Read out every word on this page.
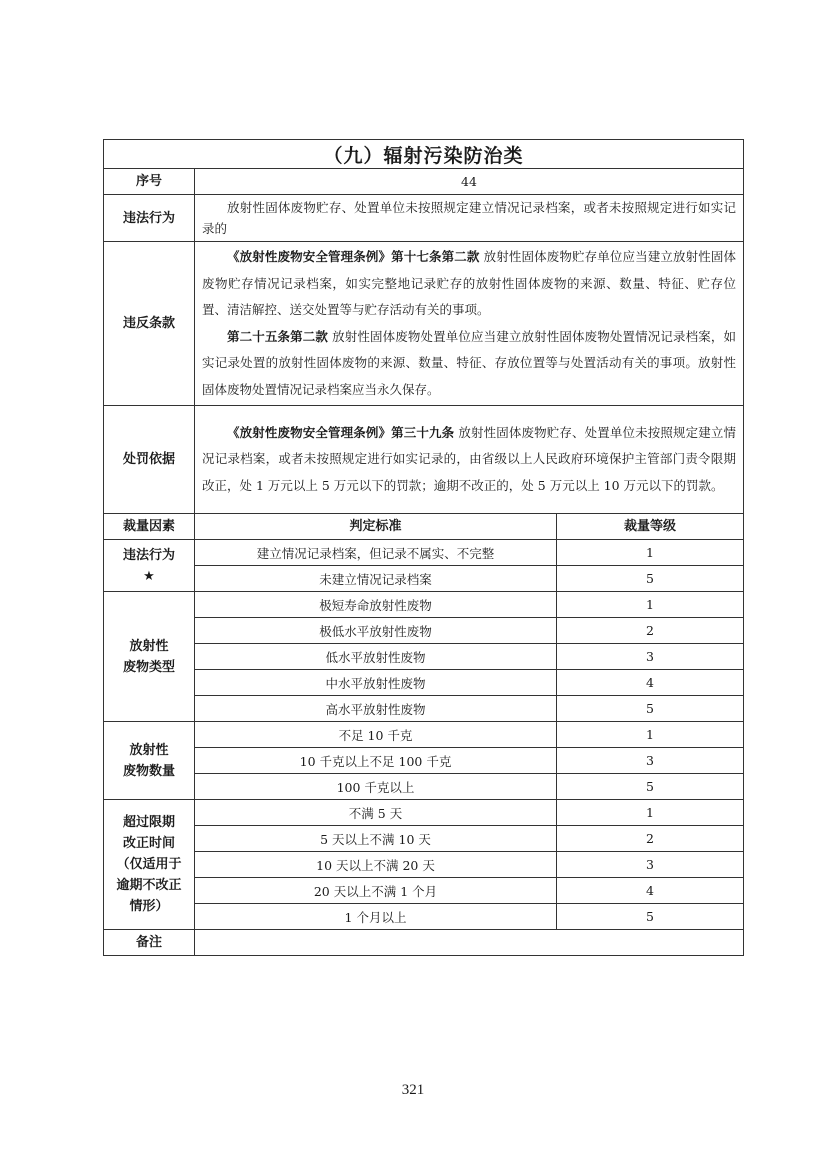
（九）辐射污染防治类		
序号	44	
违法行为	放射性固体废物贮存、处置单位未按照规定建立情况记录档案，或者未按照规定进行如实记录的	

违反条款	《放射性废物安全管理条例》第十七条第二款 放射性固体废物贮存单位应当建立放射性固体废物贮存情况记录档案，如实完整地记录贮存的放射性固体废物的来源、数量、特征、贮存位置、清洁解控、送交处置等与贮存活动有关的事项。

第二十五条第二款 放射性固体废物处置单位应当建立放射性固体废物处置情况记录档案，如实记录处置的放射性固体废物的来源、数量、特征、存放位置等与处置活动有关的事项。放射性固体废物处置情况记录档案应当永久保存。	

处罚依据	《放射性废物安全管理条例》第三十九条 放射性固体废物贮存、处置单位未按照规定建立情况记录档案，或者未按照规定进行如实记录的，由省级以上人民政府环境保护主管部门责令限期改正，处 1 万元以上 5 万元以下的罚款；逾期不改正的，处 5 万元以上 10 万元以下的罚款。	

裁量因素	判定标准	裁量等级

违法行为
★	建立情况记录档案，但记录不属实、不完整	1
	未建立情况记录档案	5

放射性
废物类型	极短寿命放射性废物	1
	极低水平放射性废物	2
	低水平放射性废物	3
	中水平放射性废物	4
	高水平放射性废物	5

放射性
废物数量	不足 10 千克	1
	10 千克以上不足 100 千克	3
	100 千克以上	5

超过限期
改正时间
（仅适用于
逾期不改正
情形）	不满 5 天	1
	5 天以上不满 10 天	2
	10 天以上不满 20 天	3
	20 天以上不满 1 个月	4
	1 个月以上	5
备注		
321
